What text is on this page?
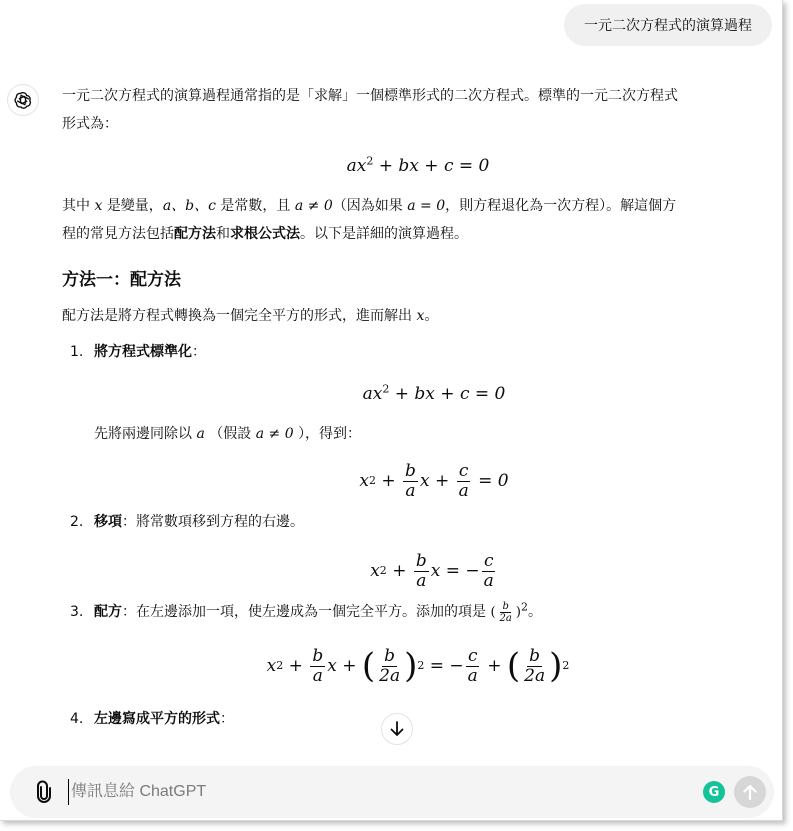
一元二次方程式的演算過程
一元二次方程式的演算過程通常指的是「求解」一個標準形式的二次方程式。標準的一元二次方程式
形式為：
$ax^2$ + bx + c = 0
其中 x 是變量，a、b、c 是常數，且 a ≠ 0（因為如果 a = 0，則方程退化為一次方程）。解這個方
程的常見方法包括配方法和求根公式法。以下是詳細的演算過程。
方法一：配方法
配方法是將方程式轉換為一個完全平方的形式，進而解出 x。
1. 將方程式標準化：
$ax^2$ + bx + c = 0
先將兩邊同除以 a （假設 a ≠ 0 ），得到：
x 2
+
$\frac{b}{a}$ x +
$\frac{c}{a}$
= 0
2. 移項：將常數項移到方程的右邊。
x 2
+
$\frac{b}{a}$ x = − $\frac{c}{a}$
3. 配方：在左邊添加一項，使左邊成為一個完全平方。添加的項是 ( $\frac{b}{2a} )^2$。
x 2
+
$\frac{b}{a}$ x +
( $\frac{b}{2a}$ ) 2
= − $\frac{c}{a}$
+
( $\frac{b}{2a}$ ) 2
4. 左邊寫成平方的形式：
傳訊息給 ChatGPT
G
